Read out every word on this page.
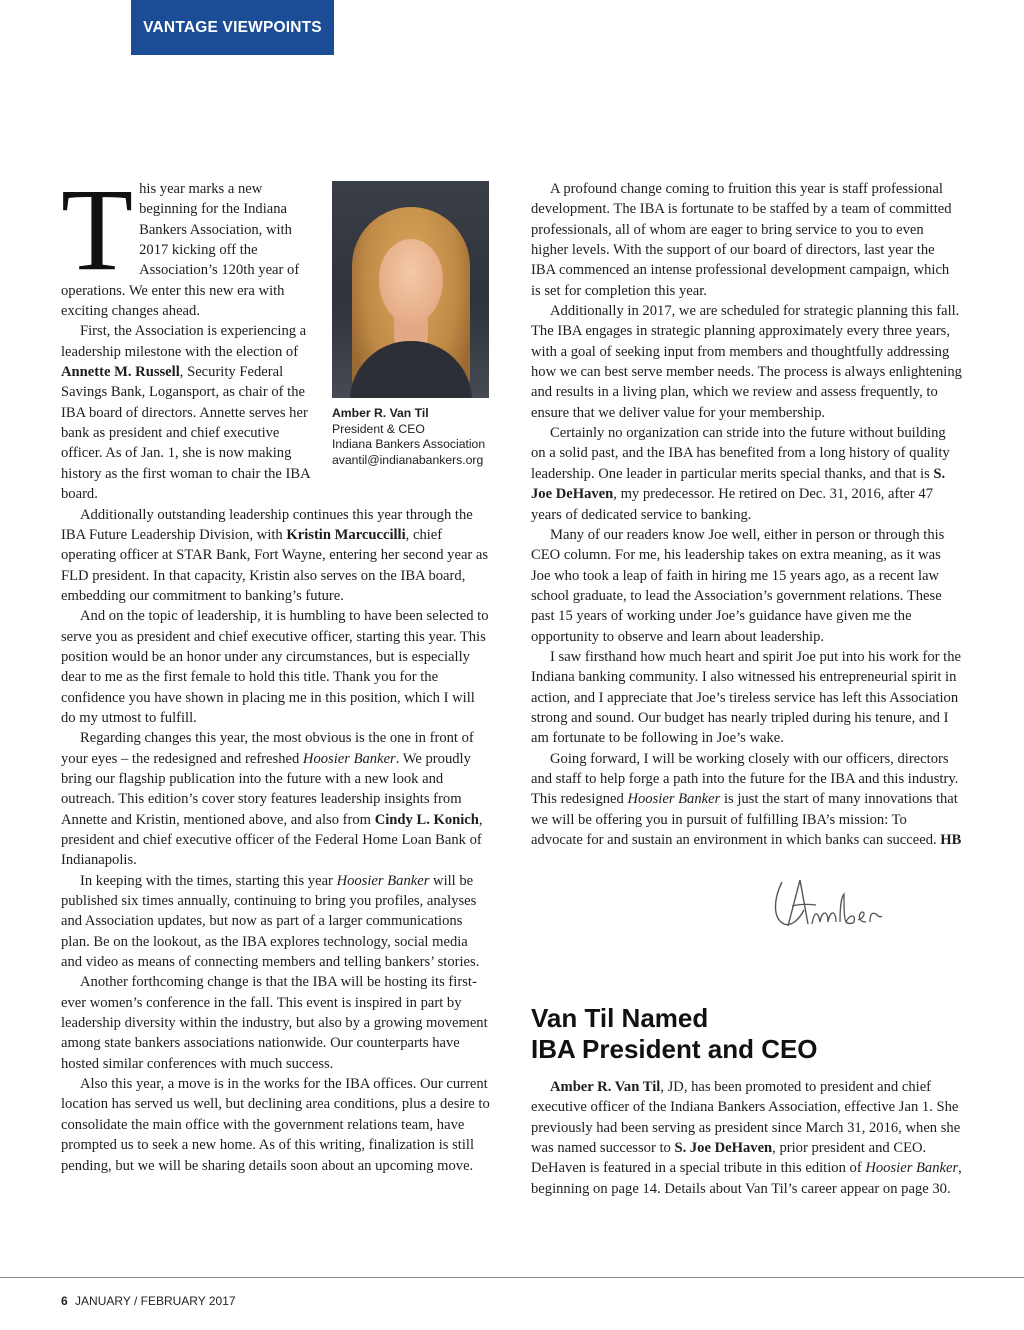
VANTAGE VIEWPOINTS
Amber R. Van Til
President & CEO
Indiana Bankers Association
avantil@indianabankers.org

This year marks a new beginning for the Indiana Bankers Association, with 2017 kicking off the Association’s 120th year of operations. We enter this new era with exciting changes ahead.

First, the Association is experiencing a leadership milestone with the election of Annette M. Russell, Security Federal Savings Bank, Logansport, as chair of the IBA board of directors. Annette serves her bank as president and chief executive officer. As of Jan. 1, she is now making history as the first woman to chair the IBA board.

Additionally outstanding leadership continues this year through the IBA Future Leadership Division, with Kristin Marcuccilli, chief operating officer at STAR Bank, Fort Wayne, entering her second year as FLD president. In that capacity, Kristin also serves on the IBA board, embedding our commitment to banking’s future.

And on the topic of leadership, it is humbling to have been selected to serve you as president and chief executive officer, starting this year. This position would be an honor under any circumstances, but is especially dear to me as the first female to hold this title. Thank you for the confidence you have shown in placing me in this position, which I will do my utmost to fulfill.

Regarding changes this year, the most obvious is the one in front of your eyes – the redesigned and refreshed Hoosier Banker. We proudly bring our flagship publication into the future with a new look and outreach. This edition’s cover story features leadership insights from Annette and Kristin, mentioned above, and also from Cindy L. Konich, president and chief executive officer of the Federal Home Loan Bank of Indianapolis.

In keeping with the times, starting this year Hoosier Banker will be published six times annually, continuing to bring you profiles, analyses and Association updates, but now as part of a larger communications plan. Be on the lookout, as the IBA explores technology, social media and video as means of connecting members and telling bankers’ stories.

Another forthcoming change is that the IBA will be hosting its first-ever women’s conference in the fall. This event is inspired in part by leadership diversity within the industry, but also by a growing movement among state bankers associations nationwide. Our counterparts have hosted similar conferences with much success.

Also this year, a move is in the works for the IBA offices. Our current location has served us well, but declining area conditions, plus a desire to consolidate the main office with the government relations team, have prompted us to seek a new home. As of this writing, finalization is still pending, but we will be sharing details soon about an upcoming move.

A profound change coming to fruition this year is staff professional development. The IBA is fortunate to be staffed by a team of committed professionals, all of whom are eager to bring service to you to even higher levels. With the support of our board of directors, last year the IBA commenced an intense professional development campaign, which is set for completion this year.

Additionally in 2017, we are scheduled for strategic planning this fall. The IBA engages in strategic planning approximately every three years, with a goal of seeking input from members and thoughtfully addressing how we can best serve member needs. The process is always enlightening and results in a living plan, which we review and assess frequently, to ensure that we deliver value for your membership.

Certainly no organization can stride into the future without building on a solid past, and the IBA has benefited from a long history of quality leadership. One leader in particular merits special thanks, and that is S. Joe DeHaven, my predecessor. He retired on Dec. 31, 2016, after 47 years of dedicated service to banking.

Many of our readers know Joe well, either in person or through this CEO column. For me, his leadership takes on extra meaning, as it was Joe who took a leap of faith in hiring me 15 years ago, as a recent law school graduate, to lead the Association’s government relations. These past 15 years of working under Joe’s guidance have given me the opportunity to observe and learn about leadership.

I saw firsthand how much heart and spirit Joe put into his work for the Indiana banking community. I also witnessed his entrepreneurial spirit in action, and I appreciate that Joe’s tireless service has left this Association strong and sound. Our budget has nearly tripled during his tenure, and I am fortunate to be following in Joe’s wake.

Going forward, I will be working closely with our officers, directors and staff to help forge a path into the future for the IBA and this industry. This redesigned Hoosier Banker is just the start of many innovations that we will be offering you in pursuit of fulfilling IBA’s mission: To advocate for and sustain an environment in which banks can succeed. HB

Amber
Van Til Named
IBA President and CEO

Amber R. Van Til, JD, has been promoted to president and chief executive officer of the Indiana Bankers Association, effective Jan 1. She previously had been serving as president since March 31, 2016, when she was named successor to S. Joe DeHaven, prior president and CEO. DeHaven is featured in a special tribute in this edition of Hoosier Banker, beginning on page 14. Details about Van Til’s career appear on page 30.

6 JANUARY / FEBRUARY 2017
